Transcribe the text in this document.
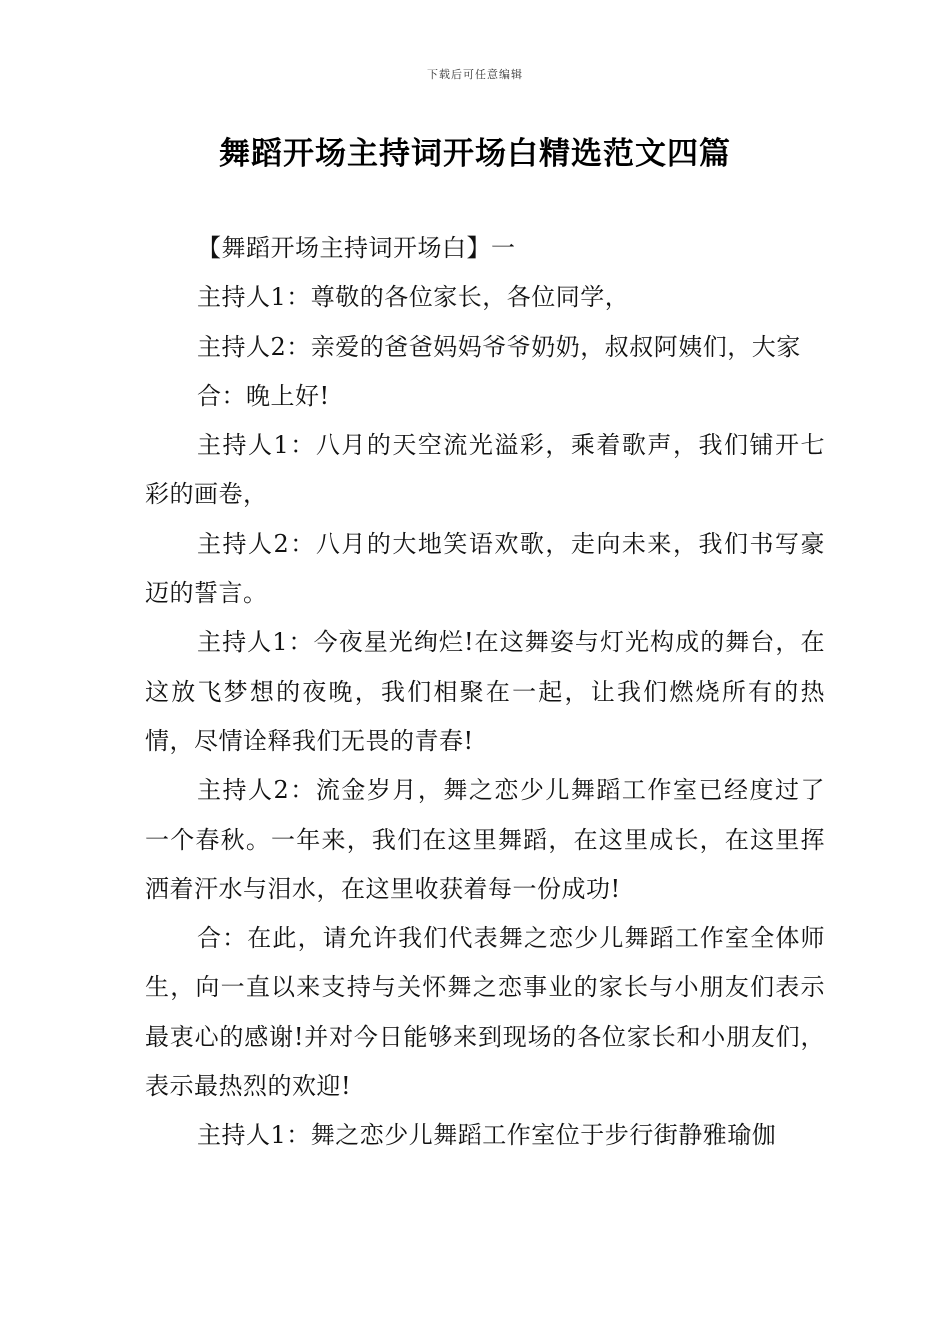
下载后可任意编辑
舞蹈开场主持词开场白精选范文四篇

【舞蹈开场主持词开场白】一

主持人1：尊敬的各位家长，各位同学，

主持人2：亲爱的爸爸妈妈爷爷奶奶，叔叔阿姨们，大家

合：晚上好!

主持人1：八月的天空流光溢彩，乘着歌声，我们铺开七彩的画卷，

主持人2：八月的大地笑语欢歌，走向未来，我们书写豪迈的誓言。

主持人1：今夜星光绚烂!在这舞姿与灯光构成的舞台，在这放飞梦想的夜晚，我们相聚在一起，让我们燃烧所有的热情，尽情诠释我们无畏的青春!

主持人2：流金岁月，舞之恋少儿舞蹈工作室已经度过了一个春秋。一年来，我们在这里舞蹈，在这里成长，在这里挥洒着汗水与泪水，在这里收获着每一份成功!

合：在此，请允许我们代表舞之恋少儿舞蹈工作室全体师生，向一直以来支持与关怀舞之恋事业的家长与小朋友们表示最衷心的感谢!并对今日能够来到现场的各位家长和小朋友们，表示最热烈的欢迎!

主持人1：舞之恋少儿舞蹈工作室位于步行街静雅瑜伽
